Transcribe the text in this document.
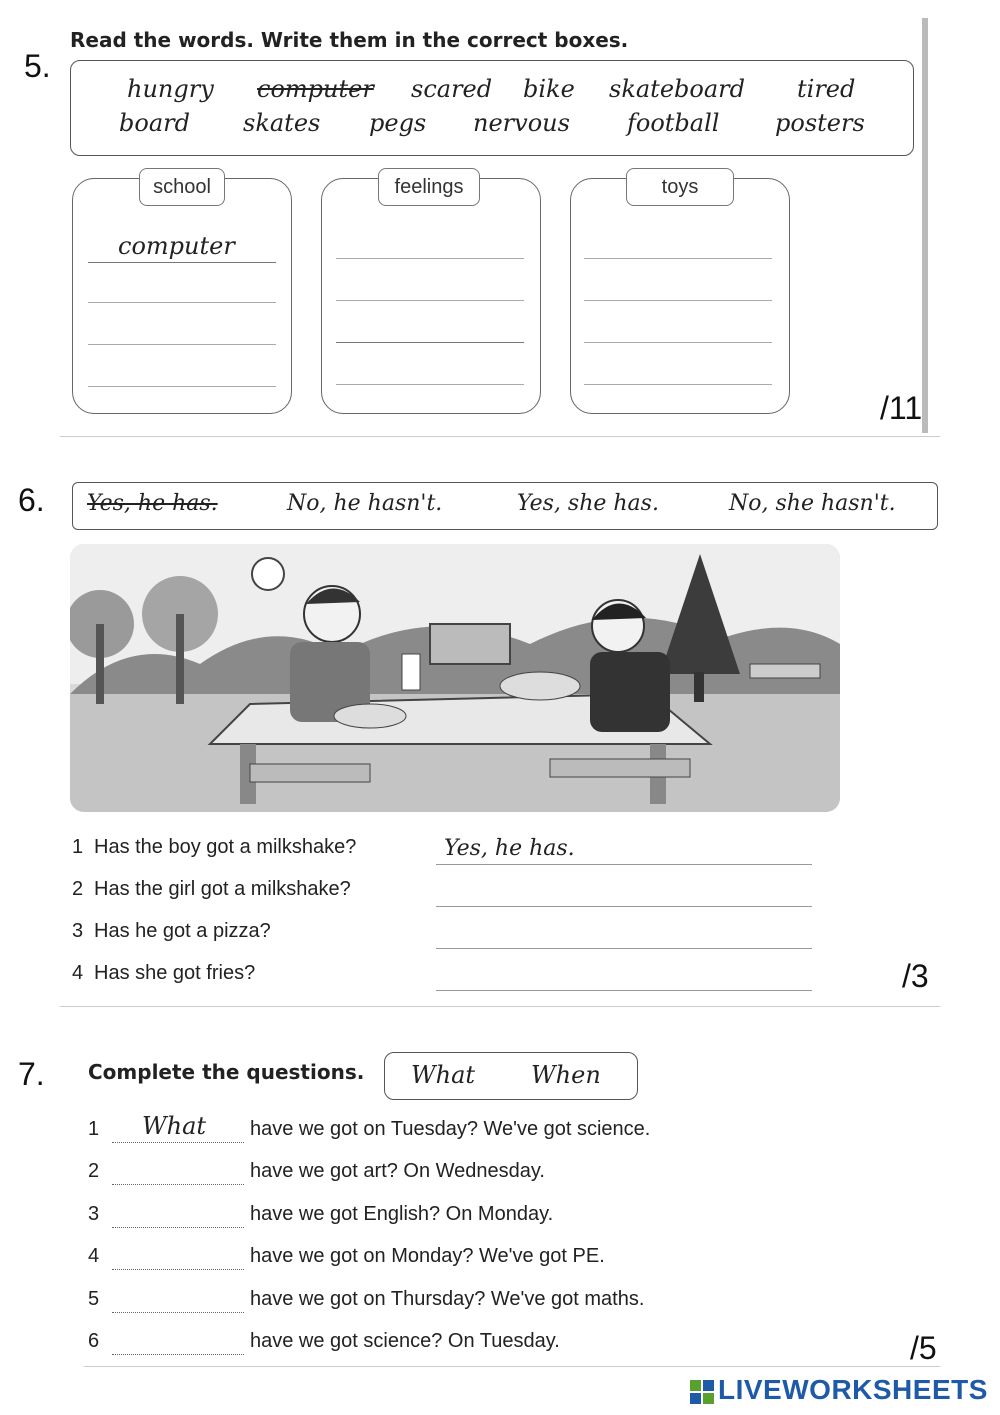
5.
Read the words. Write them in the correct boxes.
hungry computer scared bike skateboard tired
board skates pegs nervous football posters
school	feelings	toys
computer
/11
6. Yes, he has.	No, he hasn't.	Yes, she has.	No, she hasn't.
1 Has the boy got a milkshake?	Yes, he has.
2 Has the girl got a milkshake?
3 Has he got a pizza?
4 Has she got fries?	/3
7. Complete the questions. What When
1 What have we got on Tuesday? We've got science.
2	have we got art? On Wednesday.
3	have we got English? On Monday.
4	have we got on Monday? We've got PE.
5	have we got on Thursday? We've got maths.
6	have we got science? On Tuesday.	/5
LIVEWORKSHEETS
